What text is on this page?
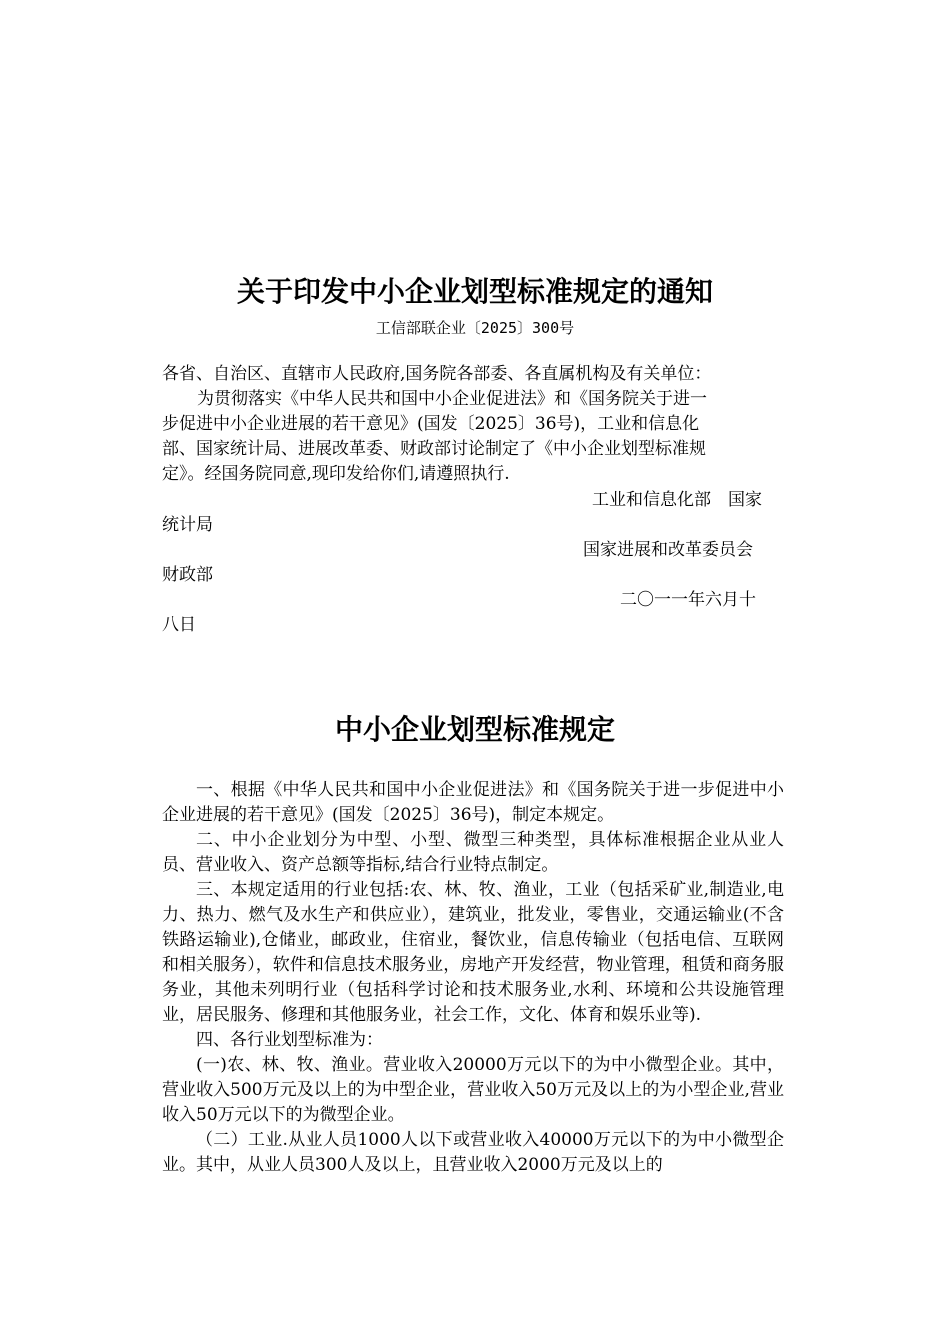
关于印发中小企业划型标准规定的通知
工信部联企业〔2025〕300号
各省、自治区、直辖市人民政府,国务院各部委、各直属机构及有关单位：
为贯彻落实《中华人民共和国中小企业促进法》和《国务院关于进一
步促进中小企业进展的若干意见》(国发〔2025〕36号)，工业和信息化
部、国家统计局、进展改革委、财政部讨论制定了《中小企业划型标准规
定》。经国务院同意,现印发给你们,请遵照执行.
工业和信息化部　国家
统计局
国家进展和改革委员会
财政部
二〇一一年六月十
八日
中小企业划型标准规定

一、根据《中华人民共和国中小企业促进法》和《国务院关于进一步促进中小企业进展的若干意见》(国发〔2025〕36号)，制定本规定。

二、中小企业划分为中型、小型、微型三种类型，具体标准根据企业从业人员、营业收入、资产总额等指标,结合行业特点制定。

三、本规定适用的行业包括:农、林、牧、渔业，工业（包括采矿业,制造业,电力、热力、燃气及水生产和供应业），建筑业，批发业，零售业，交通运输业(不含铁路运输业),仓储业，邮政业，住宿业，餐饮业，信息传输业（包括电信、互联网和相关服务），软件和信息技术服务业，房地产开发经营，物业管理，租赁和商务服务业，其他未列明行业（包括科学讨论和技术服务业,水利、环境和公共设施管理业，居民服务、修理和其他服务业，社会工作，文化、体育和娱乐业等).

四、各行业划型标准为：

(一)农、林、牧、渔业。营业收入20000万元以下的为中小微型企业。其中，营业收入500万元及以上的为中型企业，营业收入50万元及以上的为小型企业,营业收入50万元以下的为微型企业。

（二）工业.从业人员1000人以下或营业收入40000万元以下的为中小微型企业。其中，从业人员300人及以上，且营业收入2000万元及以上的
